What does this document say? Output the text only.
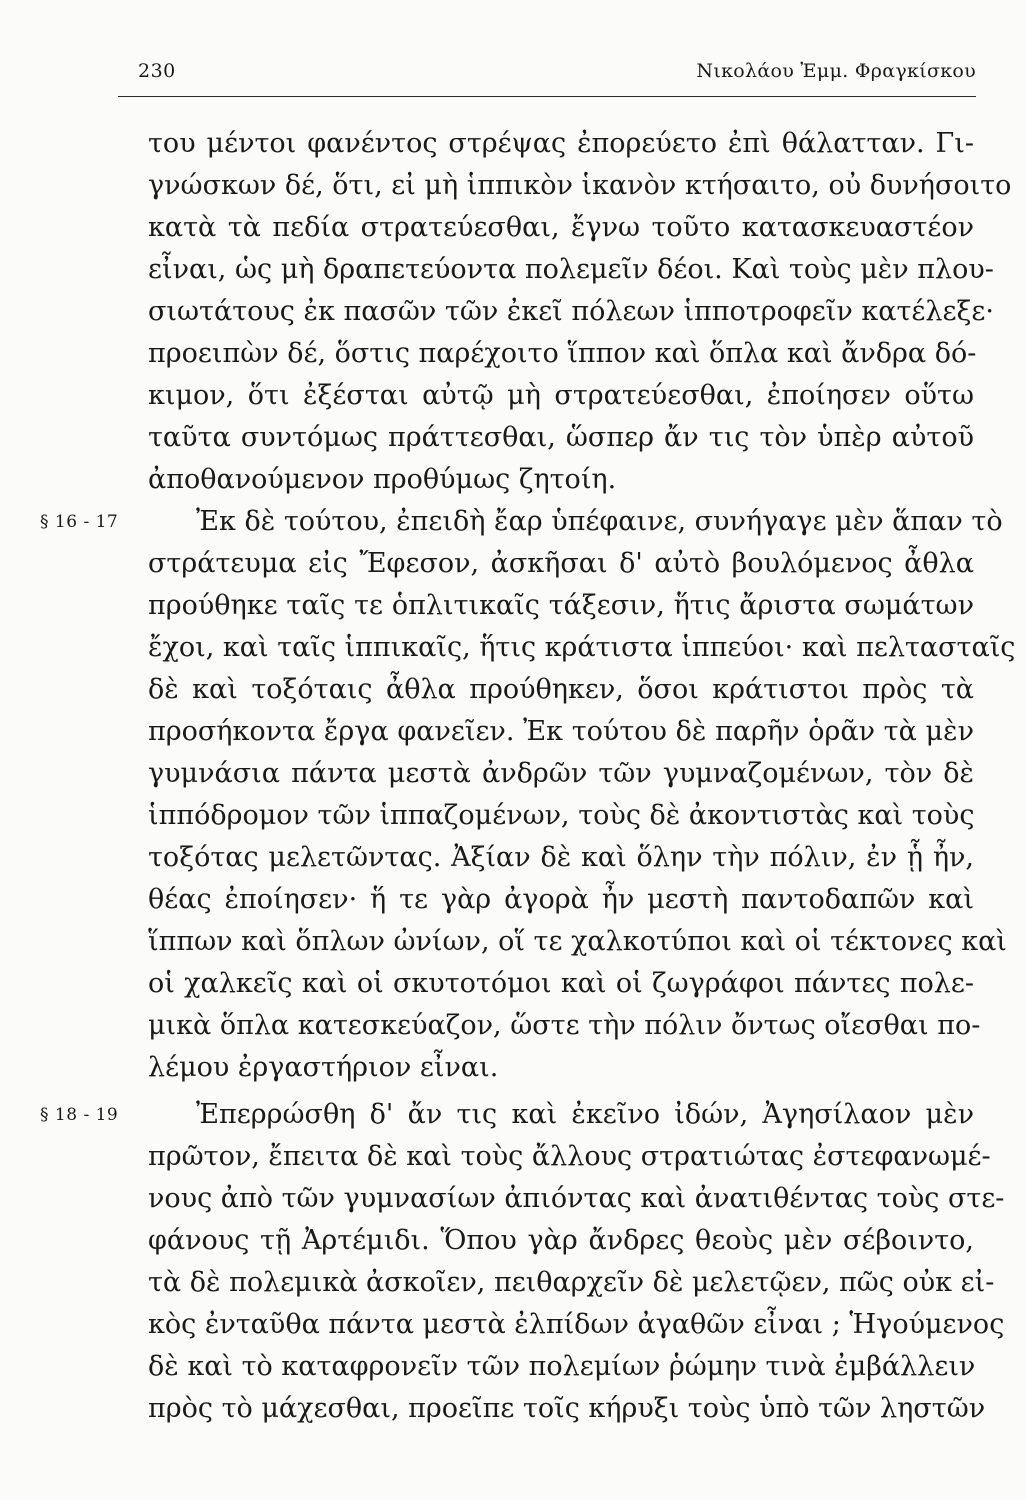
230	Νικολάου Ἐμμ. Φραγκίσκου
§ 16 - 17
§ 18 - 19
του μέντοι φανέντος στρέψας ἐπορεύετο ἐπὶ θάλατταν. Γι-
γνώσκων δέ, ὅτι, εἰ μὴ ἱππικὸν ἱκανὸν κτήσαιτο, οὐ δυνήσοιτο
κατὰ τὰ πεδία στρατεύεσθαι, ἔγνω τοῦτο κατασκευαστέον
εἶναι, ὡς μὴ δραπετεύοντα πολεμεῖν δέοι. Καὶ τοὺς μὲν πλου-
σιωτάτους ἐκ πασῶν τῶν ἐκεῖ πόλεων ἱπποτροφεῖν κατέλεξε·
προειπὼν δέ, ὅστις παρέχοιτο ἵππον καὶ ὅπλα καὶ ἄνδρα δό-
κιμον, ὅτι ἐξέσται αὐτῷ μὴ στρατεύεσθαι, ἐποίησεν οὕτω
ταῦτα συντόμως πράττεσθαι, ὥσπερ ἄν τις τὸν ὑπὲρ αὐτοῦ
ἀποθανούμενον προθύμως ζητοίη.
Ἐκ δὲ τούτου, ἐπειδὴ ἔαρ ὑπέφαινε, συνήγαγε μὲν ἅπαν τὸ
στράτευμα εἰς Ἔφεσον, ἀσκῆσαι δ' αὐτὸ βουλόμενος ἆθλα
προύθηκε ταῖς τε ὁπλιτικαῖς τάξεσιν, ἥτις ἄριστα σωμάτων
ἔχοι, καὶ ταῖς ἱππικαῖς, ἥτις κράτιστα ἱππεύοι· καὶ πελτασταῖς
δὲ καὶ τοξόταις ἆθλα προύθηκεν, ὅσοι κράτιστοι πρὸς τὰ
προσήκοντα ἔργα φανεῖεν. Ἐκ τούτου δὲ παρῆν ὁρᾶν τὰ μὲν
γυμνάσια πάντα μεστὰ ἀνδρῶν τῶν γυμναζομένων, τὸν δὲ
ἱππόδρομον τῶν ἱππαζομένων, τοὺς δὲ ἀκοντιστὰς καὶ τοὺς
τοξότας μελετῶντας. Ἀξίαν δὲ καὶ ὅλην τὴν πόλιν, ἐν ᾗ ἦν,
θέας ἐποίησεν· ἥ τε γὰρ ἀγορὰ ἦν μεστὴ παντοδαπῶν καὶ
ἵππων καὶ ὅπλων ὠνίων, οἵ τε χαλκοτύποι καὶ οἱ τέκτονες καὶ
οἱ χαλκεῖς καὶ οἱ σκυτοτόμοι καὶ οἱ ζωγράφοι πάντες πολε-
μικὰ ὅπλα κατεσκεύαζον, ὥστε τὴν πόλιν ὄντως οἴεσθαι πο-
λέμου ἐργαστήριον εἶναι.
Ἐπερρώσθη δ' ἄν τις καὶ ἐκεῖνο ἰδών, Ἀγησίλαον μὲν
πρῶτον, ἔπειτα δὲ καὶ τοὺς ἄλλους στρατιώτας ἐστεφανωμέ-
νους ἀπὸ τῶν γυμνασίων ἀπιόντας καὶ ἀνατιθέντας τοὺς στε-
φάνους τῇ Ἀρτέμιδι. Ὅπου γὰρ ἄνδρες θεοὺς μὲν σέβοιντο,
τὰ δὲ πολεμικὰ ἀσκοῖεν, πειθαρχεῖν δὲ μελετῷεν, πῶς οὐκ εἰ-
κὸς ἐνταῦθα πάντα μεστὰ ἐλπίδων ἀγαθῶν εἶναι ; Ἡγούμενος
δὲ καὶ τὸ καταφρονεῖν τῶν πολεμίων ῥώμην τινὰ ἐμβάλλειν
πρὸς τὸ μάχεσθαι, προεῖπε τοῖς κήρυξι τοὺς ὑπὸ τῶν ληστῶν
